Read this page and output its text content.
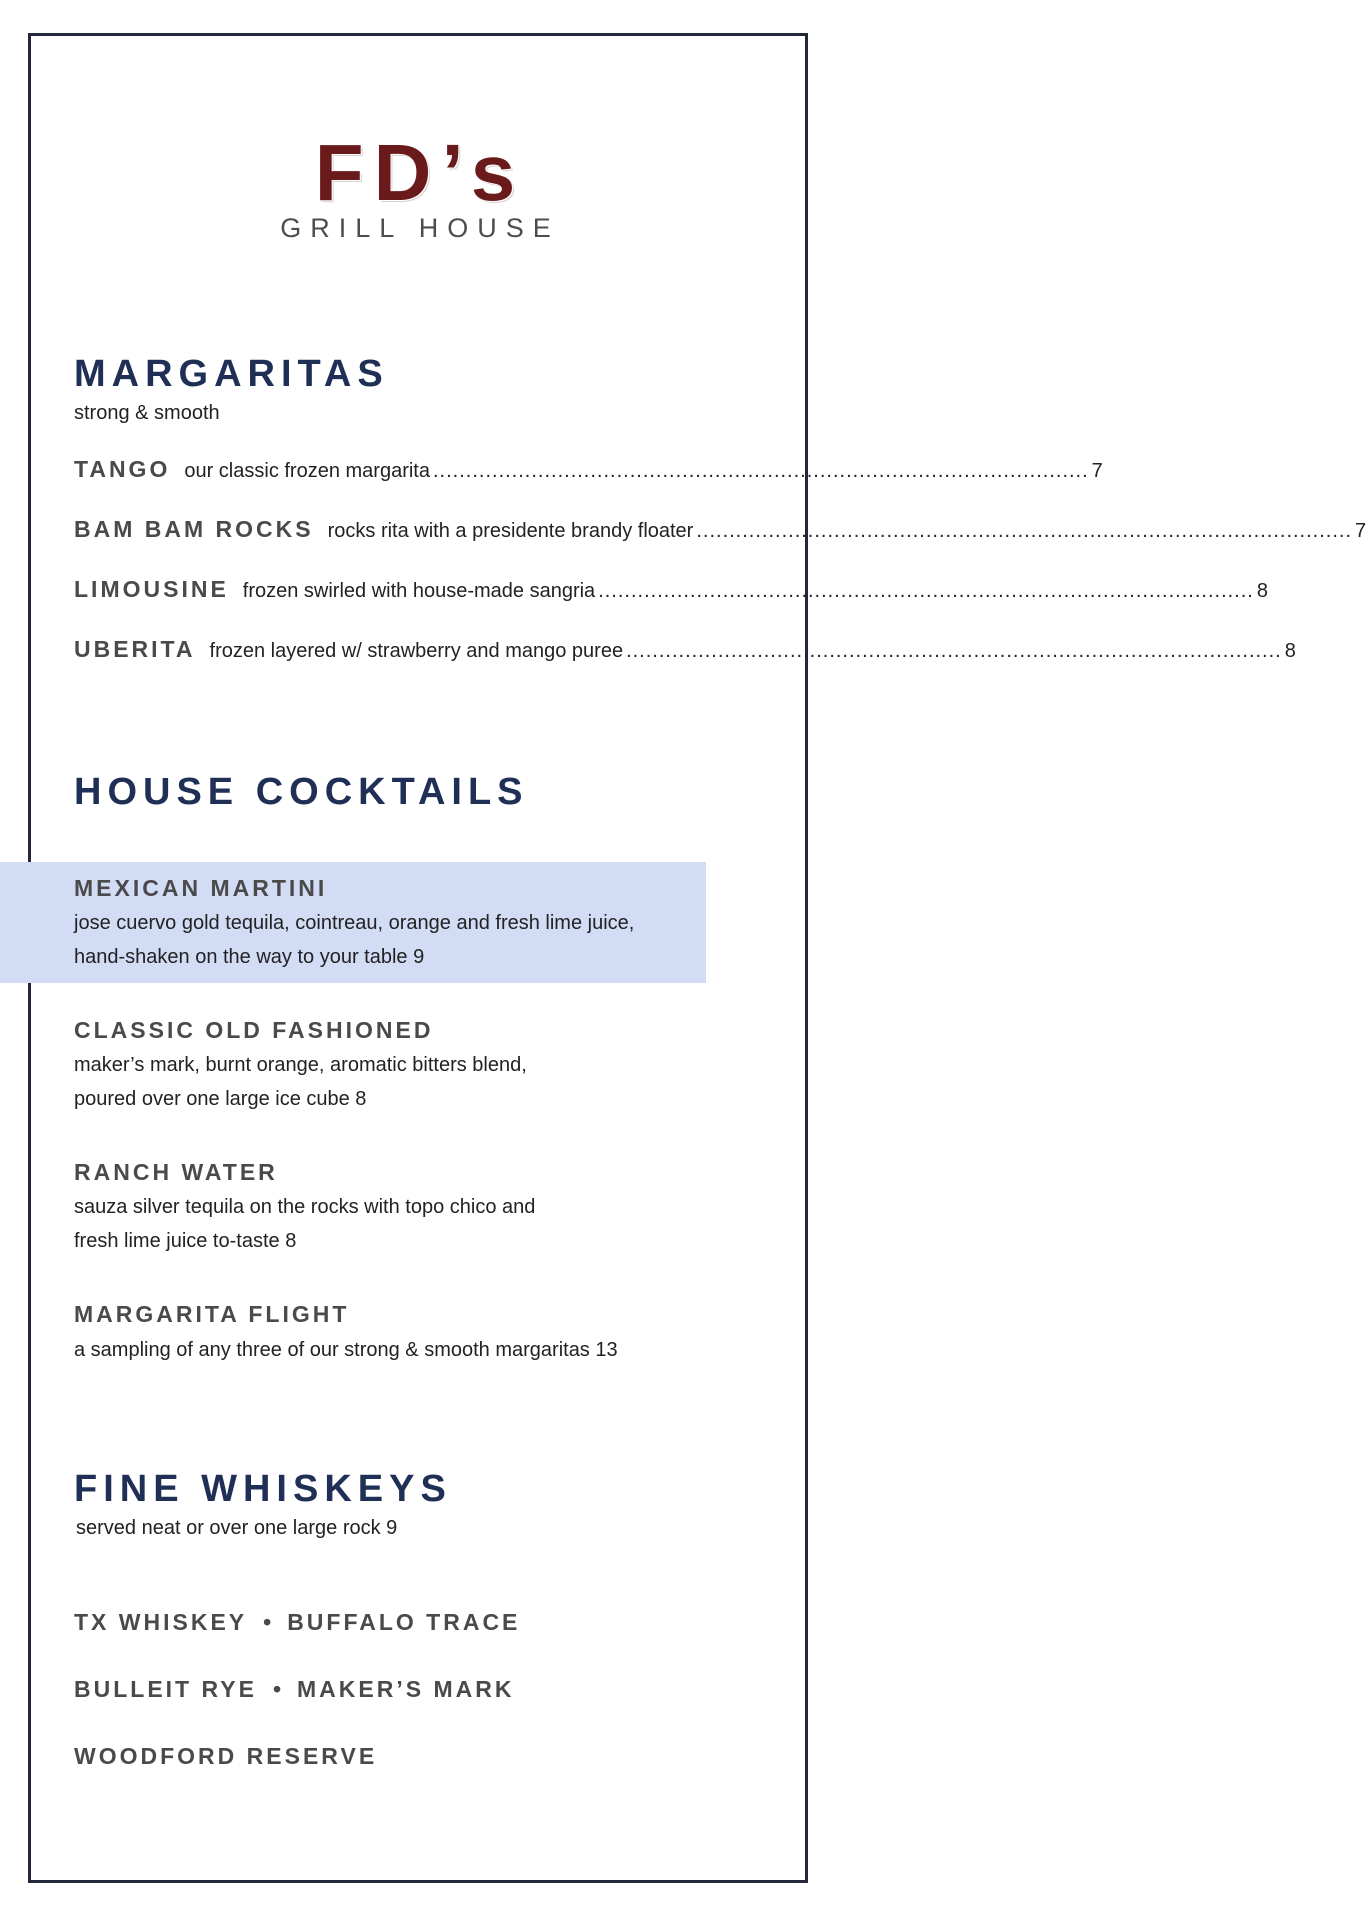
FD’s
GRILL HOUSE
MARGARITAS
strong & smooth
TANGO our classic frozen margarita .................................................................................................... 7
BAM BAM ROCKS rocks rita with a presidente brandy floater .................................................................................................... 7
LIMOUSINE frozen swirled with house-made sangria .................................................................................................... 8
UBERITA frozen layered w/ strawberry and mango puree .................................................................................................... 8
HOUSE COCKTAILS
MEXICAN MARTINI
jose cuervo gold tequila, cointreau, orange and fresh lime juice,
hand-shaken on the way to your table 9
CLASSIC OLD FASHIONED
maker’s mark, burnt orange, aromatic bitters blend,
poured over one large ice cube 8
RANCH WATER
sauza silver tequila on the rocks with topo chico and
fresh lime juice to-taste 8
MARGARITA FLIGHT
a sampling of any three of our strong & smooth margaritas 13
FINE WHISKEYS
served neat or over one large rock 9
TX WHISKEY • BUFFALO TRACE
BULLEIT RYE • MAKER’S MARK
WOODFORD RESERVE
